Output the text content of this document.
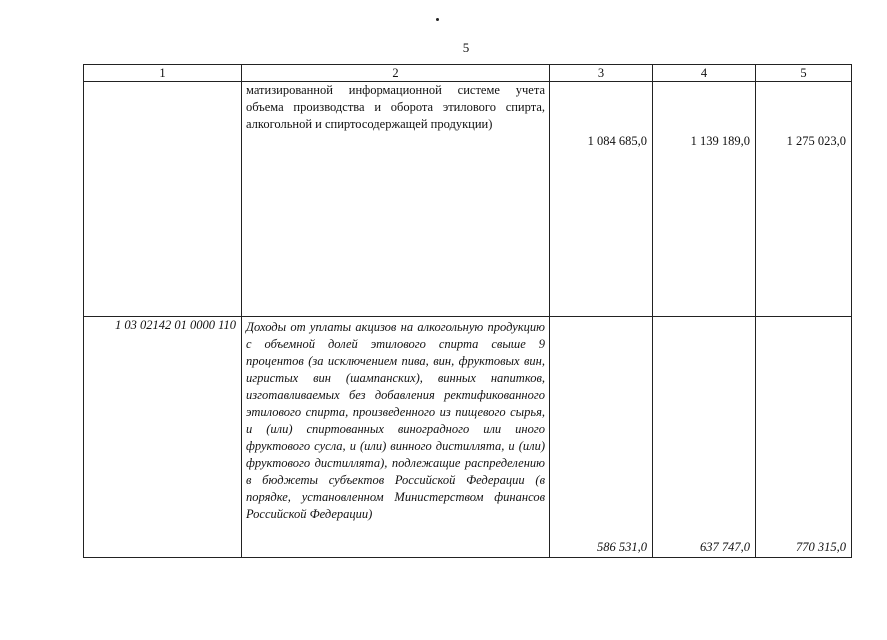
5
1	2	3	4	5
	матизированной информационной системе учета объема производства и оборота этилового спирта, алкогольной и спиртосодержащей продукции)	1 084 685,0	1 139 189,0	1 275 023,0
1 03 02142 01 0000 110	Доходы от уплаты акцизов на алкогольную продукцию с объемной долей этилового спирта свыше 9 процентов (за исключением пива, вин, фруктовых вин, игристых вин (шампанских), винных напитков, изготавливаемых без добавления ректификованного этилового спирта, произведенного из пищевого сырья, и (или) спиртованных виноградного или иного фруктового сусла, и (или) винного дистиллята, и (или) фруктового дистиллята), подлежащие распределению в бюджеты субъектов Российской Федерации (в порядке, установленном Министерством финансов Российской Федерации)	586 531,0	637 747,0	770 315,0
